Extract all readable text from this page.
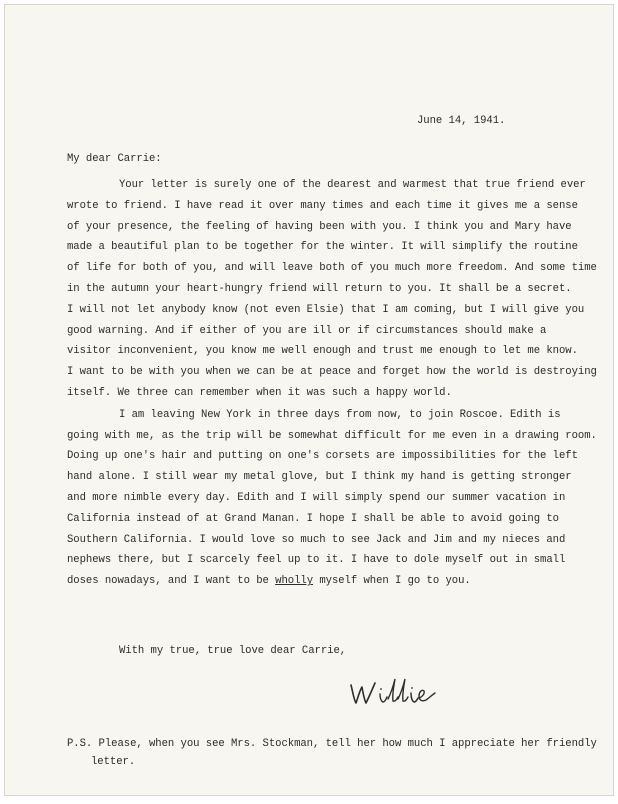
June 14, 1941.
My dear Carrie:
Your letter is surely one of the dearest and warmest that true friend ever
wrote to friend. I have read it over many times and each time it gives me a sense
of your presence, the feeling of having been with you. I think you and Mary have
made a beautiful plan to be together for the winter. It will simplify the routine
of life for both of you, and will leave both of you much more freedom. And some time
in the autumn your heart-hungry friend will return to you. It shall be a secret.
I will not let anybody know (not even Elsie) that I am coming, but I will give you
good warning. And if either of you are ill or if circumstances should make a
visitor inconvenient, you know me well enough and trust me enough to let me know.
I want to be with you when we can be at peace and forget how the world is destroying
itself. We three can remember when it was such a happy world.
I am leaving New York in three days from now, to join Roscoe. Edith is
going with me, as the trip will be somewhat difficult for me even in a drawing room.
Doing up one's hair and putting on one's corsets are impossibilities for the left
hand alone. I still wear my metal glove, but I think my hand is getting stronger
and more nimble every day. Edith and I will simply spend our summer vacation in
California instead of at Grand Manan. I hope I shall be able to avoid going to
Southern California. I would love so much to see Jack and Jim and my nieces and
nephews there, but I scarcely feel up to it. I have to dole myself out in small
doses nowadays, and I want to be wholly myself when I go to you.
With my true, true love dear Carrie,
P.S. Please, when you see Mrs. Stockman, tell her how much I appreciate her friendly
letter.
